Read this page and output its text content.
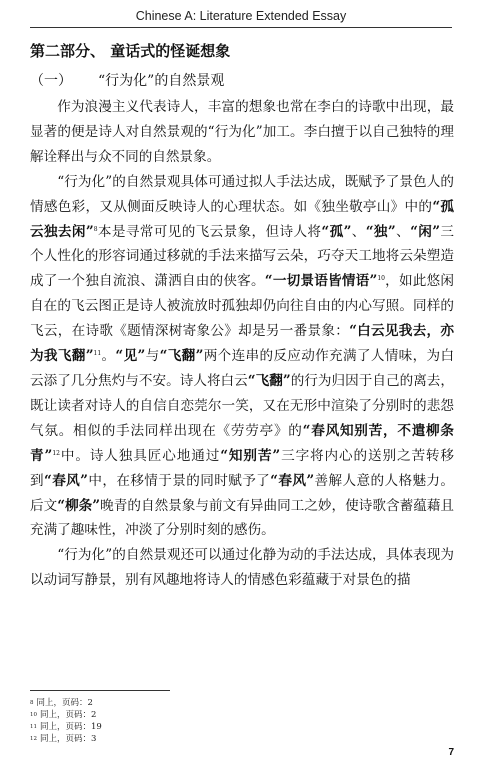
Chinese A: Literature Extended Essay
第二部分、 童话式的怪诞想象
（一） “行为化”的自然景观

作为浪漫主义代表诗人，丰富的想象也常在李白的诗歌中出现，最显著的便是诗人对自然景观的“行为化”加工。李白擅于以自己独特的理解诠释出与众不同的自然景象。

“行为化”的自然景观具体可通过拟人手法达成，既赋予了景色人的情感色彩，又从侧面反映诗人的心理状态。如《独坐敬亭山》中的“孤云独去闲”$^8$本是寻常可见的飞云景象，但诗人将“孤”、“独”、“闲”三个人性化的形容词通过移就的手法来描写云朵，巧夺天工地将云朵塑造成了一个独自流浪、潇洒自由的侠客。“一切景语皆情语”$^{10}$，如此悠闲自在的飞云图正是诗人被流放时孤独却仍向往自由的内心写照。同样的飞云，在诗歌《题情深树寄象公》却是另一番景象：“白云见我去，亦为我飞翻”$^{11}$。“见”与“飞翻”两个连串的反应动作充满了人情味，为白云添了几分焦灼与不安。诗人将白云“飞翻”的行为归因于自己的离去，既让读者对诗人的自信自恋莞尔一笑，又在无形中渲染了分别时的悲怨气氛。相似的手法同样出现在《劳劳亭》的“春风知别苦，不遣柳条青”$^{12}$中。诗人独具匠心地通过“知别苦”三字将内心的送别之苦转移到“春风”中，在移情于景的同时赋予了“春风”善解人意的人格魅力。后文“柳条”晚青的自然景象与前文有异曲同工之妙，使诗歌含蓄蕴藉且充满了趣味性，冲淡了分别时刻的感伤。

“行为化”的自然景观还可以通过化静为动的手法达成，具体表现为以动词写静景，别有风趣地将诗人的情感色彩蕴藏于对景色的描

$^8$ 同上，页码：2
$^{10}$ 同上，页码：2
$^{11}$ 同上，页码：19
$^{12}$ 同上，页码：3
7
